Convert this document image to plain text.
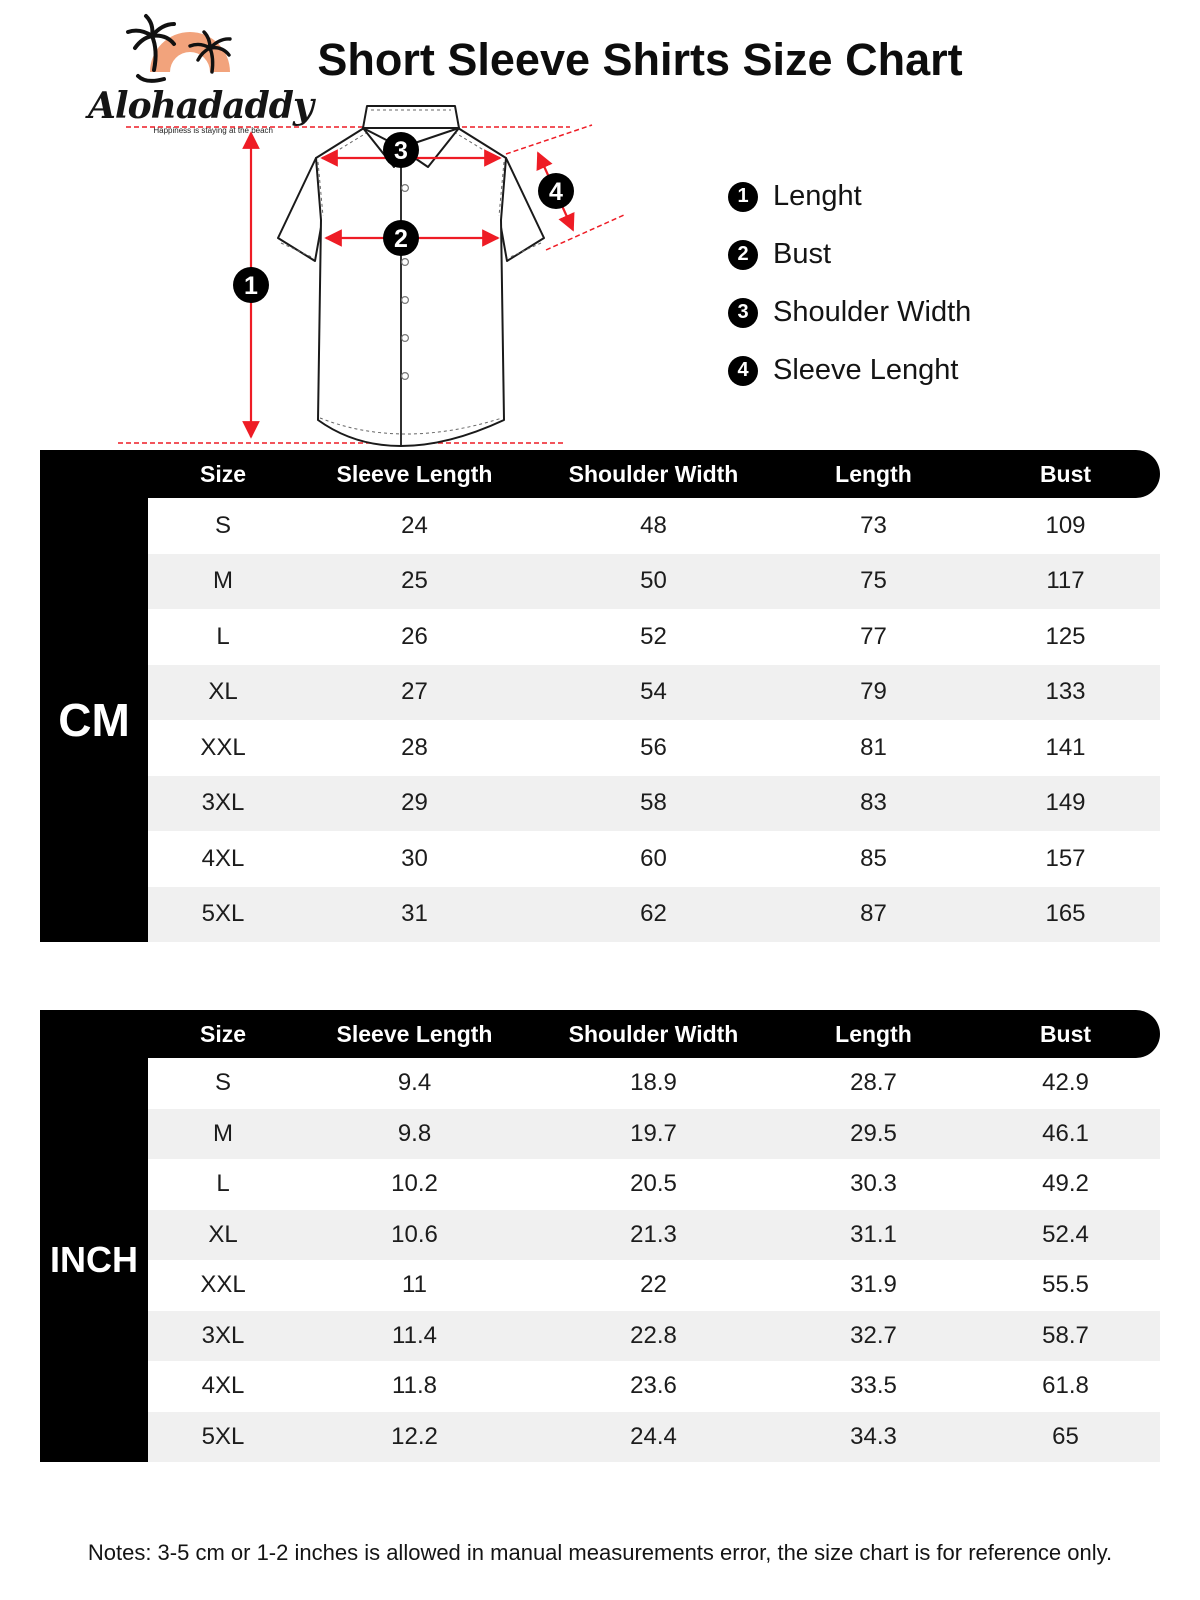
Alohadaddy
Happiness is staying at the beach
Short Sleeve Shirts Size Chart
1
2
3
4	1 Lenght
2 Bust
3 Shoulder Width
4 Sleeve Lenght
Size	Sleeve Length	Shoulder Width	Length	Bust
CM
S	24	48	73	109
M	25	50	75	117
L	26	52	77	125
XL	27	54	79	133
XXL	28	56	81	141
3XL	29	58	83	149
4XL	30	60	85	157
5XL	31	62	87	165
Size	Sleeve Length	Shoulder Width	Length	Bust
INCH
S	9.4	18.9	28.7	42.9
M	9.8	19.7	29.5	46.1
L	10.2	20.5	30.3	49.2
XL	10.6	21.3	31.1	52.4
XXL	11	22	31.9	55.5
3XL	11.4	22.8	32.7	58.7
4XL	11.8	23.6	33.5	61.8
5XL	12.2	24.4	34.3	65

Notes: 3-5 cm or 1-2 inches is allowed in manual measurements error, the size chart is for reference only.
